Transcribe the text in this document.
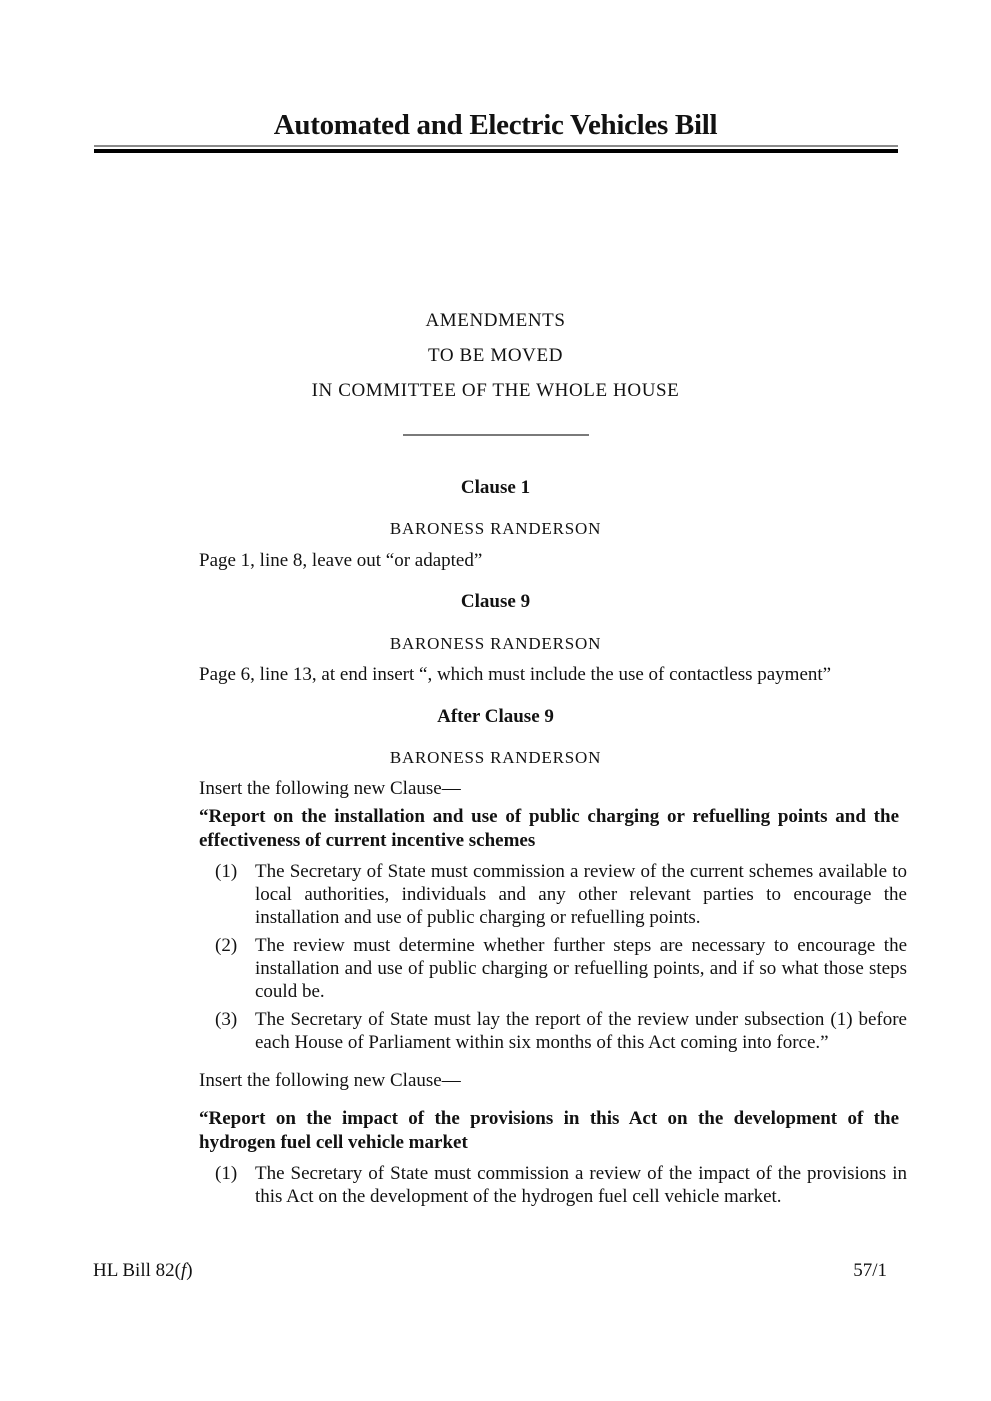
Automated and Electric Vehicles Bill
AMENDMENTS
TO BE MOVED
IN COMMITTEE OF THE WHOLE HOUSE
Clause 1
BARONESS RANDERSON
Page 1, line 8, leave out “or adapted”
Clause 9
BARONESS RANDERSON
Page 6, line 13, at end insert “, which must include the use of contactless payment”
After Clause 9
BARONESS RANDERSON
Insert the following new Clause—
“Report on the installation and use of public charging or refuelling points and the effectiveness of current incentive schemes
(1) The Secretary of State must commission a review of the current schemes available to local authorities, individuals and any other relevant parties to encourage the installation and use of public charging or refuelling points.
(2) The review must determine whether further steps are necessary to encourage the installation and use of public charging or refuelling points, and if so what those steps could be.
(3) The Secretary of State must lay the report of the review under subsection (1) before each House of Parliament within six months of this Act coming into force.”
Insert the following new Clause—
“Report on the impact of the provisions in this Act on the development of the hydrogen fuel cell vehicle market
(1) The Secretary of State must commission a review of the impact of the provisions in this Act on the development of the hydrogen fuel cell vehicle market.
HL Bill 82(f)	57/1
